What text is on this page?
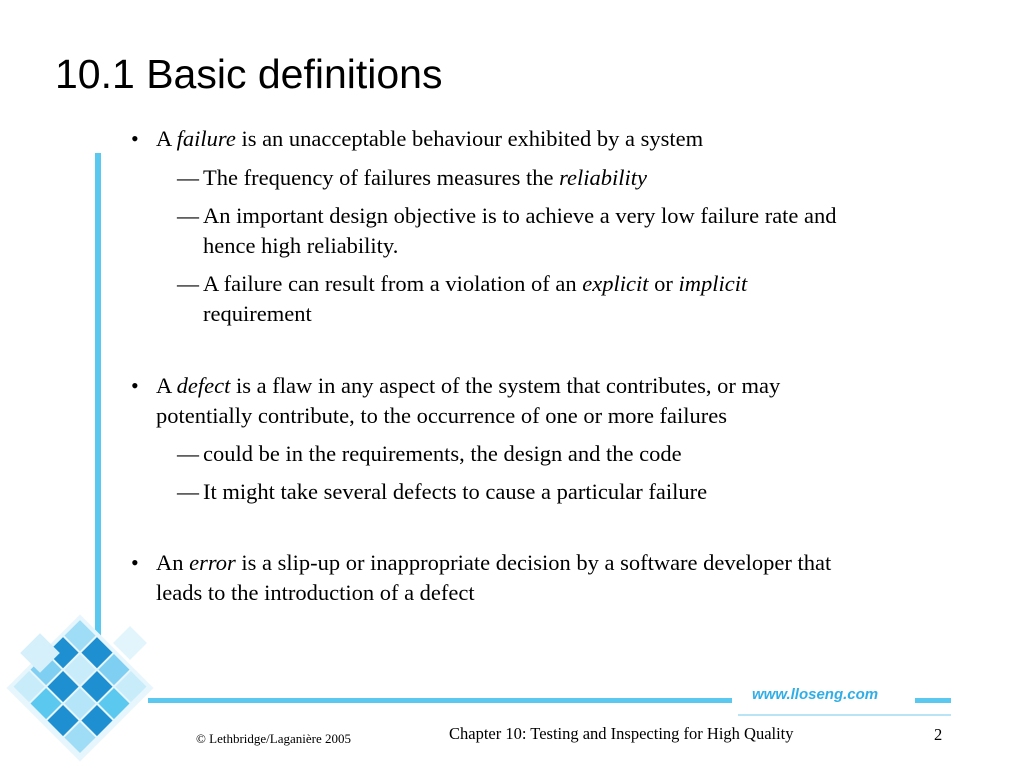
10.1 Basic definitions
www.lloseng.com
• A failure is an unacceptable behaviour exhibited by a system
— The frequency of failures measures the reliability
— An important design objective is to achieve a very low failure rate and
hence high reliability.
— A failure can result from a violation of an explicit or implicit
requirement
• A defect is a flaw in any aspect of the system that contributes, or may
potentially contribute, to the occurrence of one or more failures
— could be in the requirements, the design and the code
— It might take several defects to cause a particular failure
• An error is a slip-up or inappropriate decision by a software developer that
leads to the introduction of a defect
© Lethbridge/Laganière 2005	Chapter 10: Testing and Inspecting for High Quality	2
